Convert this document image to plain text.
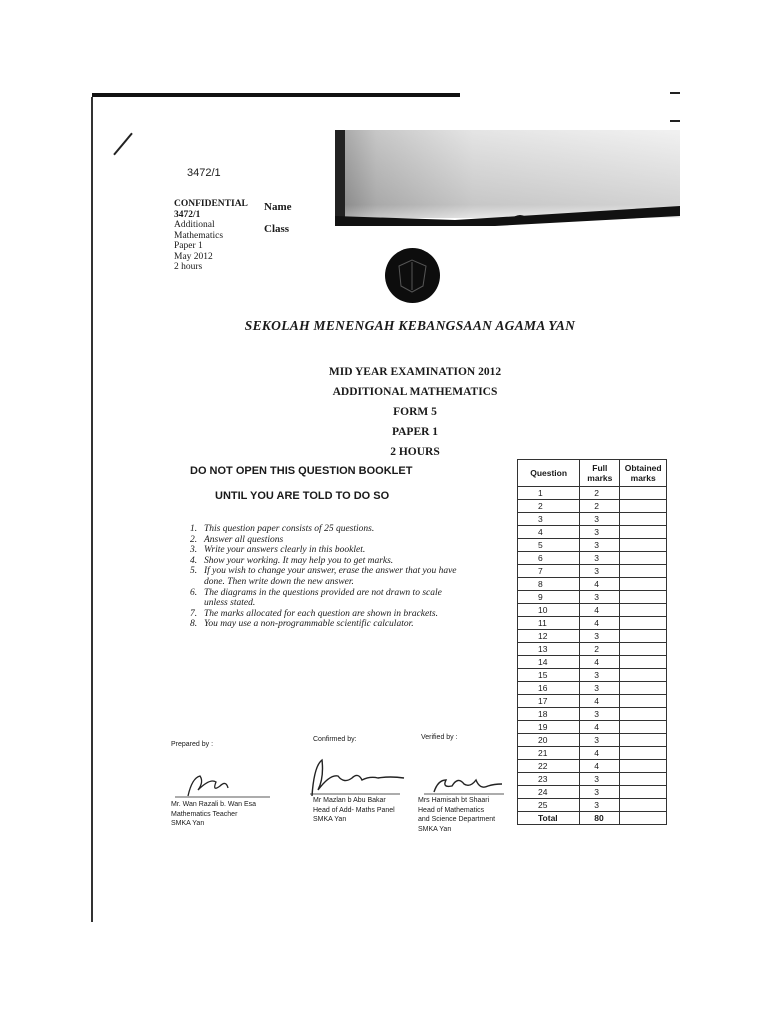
3472/1
CONFIDENTIAL
3472/1
Additional
Mathematics
Paper 1
May 2012
2 hours
Name
Class
SEKOLAH MENENGAH KEBANGSAAN AGAMA YAN
MID YEAR EXAMINATION 2012
ADDITIONAL MATHEMATICS
FORM 5
PAPER 1
2 HOURS
DO NOT OPEN THIS QUESTION BOOKLET
UNTIL YOU ARE TOLD TO DO SO
1. This question paper consists of 25 questions.
2. Answer all questions
3. Write your answers clearly in this booklet.
4. Show your working. It may help you to get marks.
5. If you wish to change your answer, erase the answer that you have done. Then write down the new answer.
6. The diagrams in the questions provided are not drawn to scale unless stated.
7. The marks allocated for each question are shown in brackets.
8. You may use a non-programmable scientific calculator.
Prepared by :
Confirmed by:	Verified by :
Mr. Wan Razali b. Wan Esa
Mathematics Teacher
SMKA Yan
Mr Mazlan b Abu Bakar
Head of Add- Maths Panel
SMKA Yan
Mrs Hamisah bt Shaari
Head of Mathematics
and Science Department
SMKA Yan
Question	Full marks	Obtained marks
1	2	
2	2	
3	3	
4	3	
5	3	
6	3	
7	3	
8	4	
9	3	
10	4	
11	4	
12	3	
13	2	
14	4	
15	3	
16	3	
17	4	
18	3	
19	4	
20	3	
21	4	
22	4	
23	3	
24	3	
25	3	
Total	80	
